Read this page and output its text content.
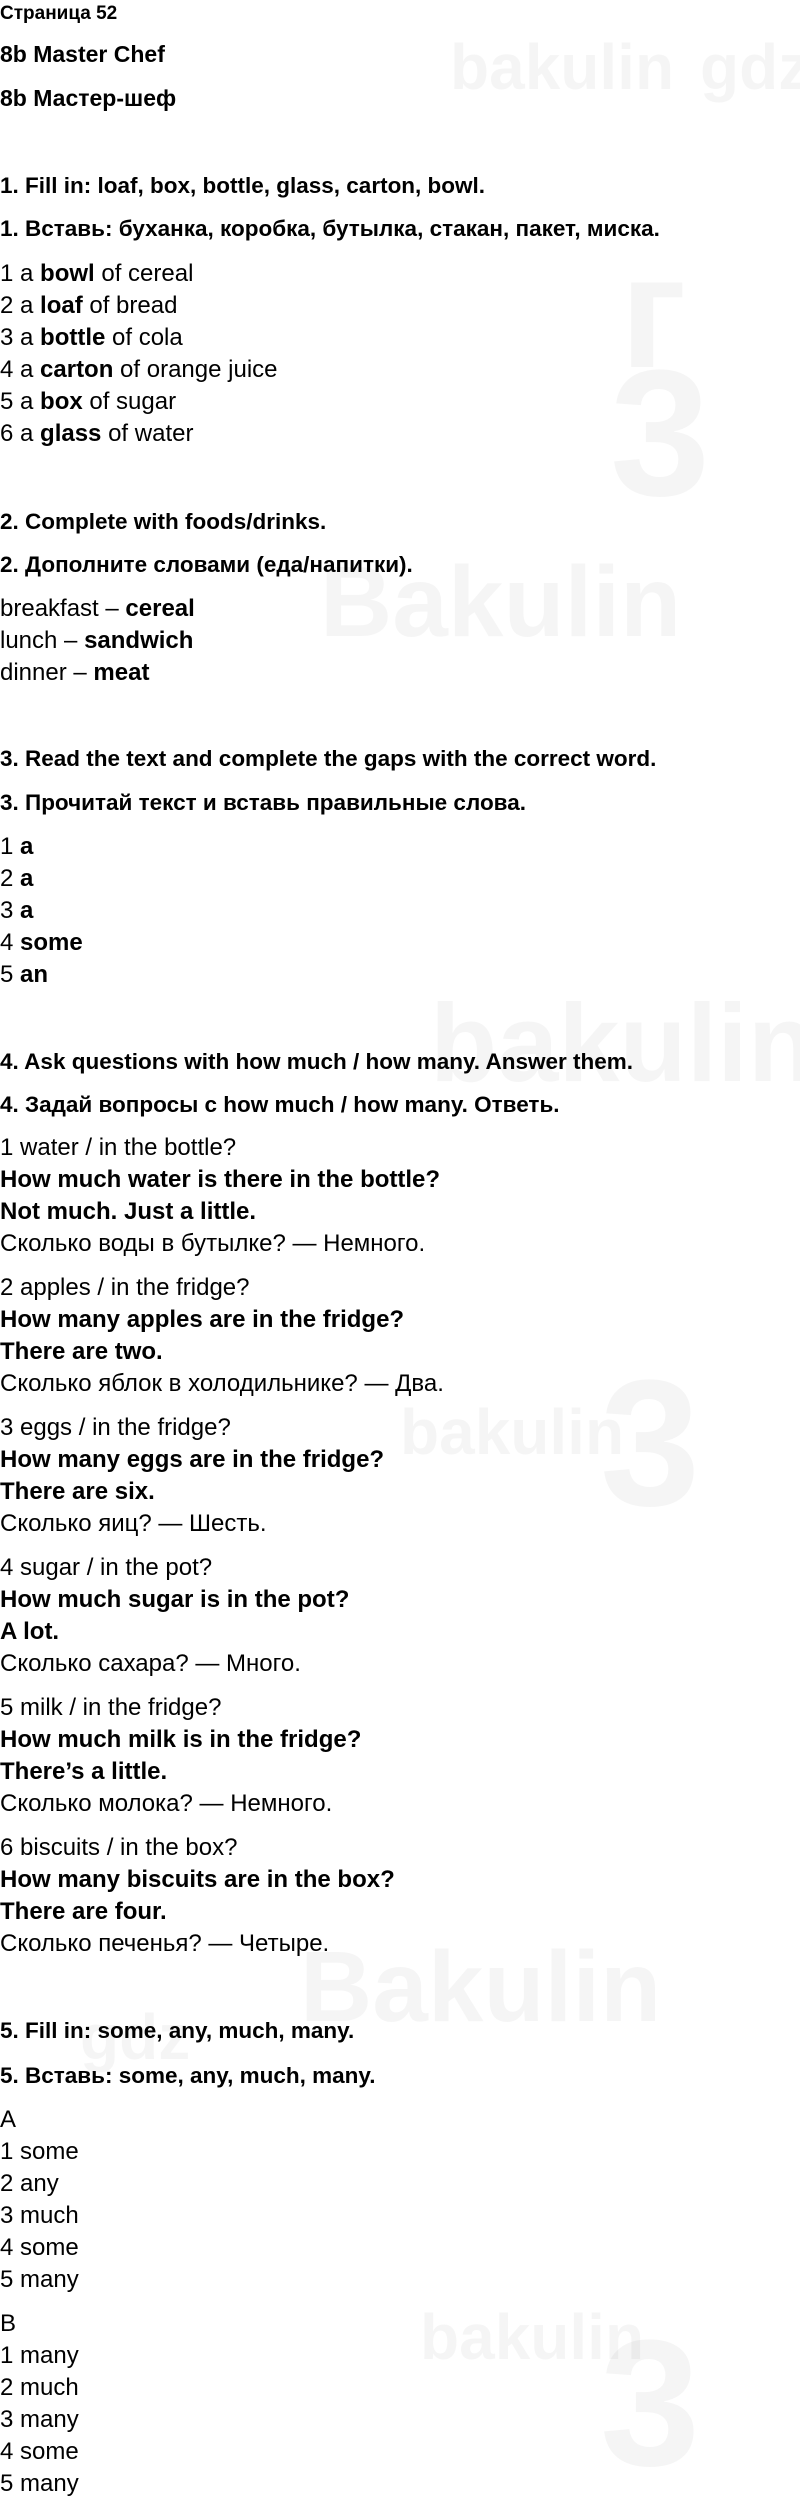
Страница 52
8b Master Chef
8b Мастер-шеф
1. Fill in: loaf, box, bottle, glass, carton, bowl.
1. Вставь: буханка, коробка, бутылка, стакан, пакет, миска.
1 a bowl of cereal
2 a loaf of bread
3 a bottle of cola
4 a carton of orange juice
5 a box of sugar
6 a glass of water
2. Complete with foods/drinks.
2. Дополните словами (еда/напитки).
breakfast – cereal
lunch – sandwich
dinner – meat
3. Read the text and complete the gaps with the correct word.
3. Прочитай текст и вставь правильные слова.
1 a
2 a
3 a
4 some
5 an
4. Ask questions with how much / how many. Answer them.
4. Задай вопросы с how much / how many. Ответь.
1 water / in the bottle?
How much water is there in the bottle?
Not much. Just a little.
Сколько воды в бутылке? — Немного.
2 apples / in the fridge?
How many apples are in the fridge?
There are two.
Сколько яблок в холодильнике? — Два.
3 eggs / in the fridge?
How many eggs are in the fridge?
There are six.
Сколько яиц? — Шесть.
4 sugar / in the pot?
How much sugar is in the pot?
A lot.
Сколько сахара? — Много.
5 milk / in the fridge?
How much milk is in the fridge?
There’s a little.
Сколько молока? — Немного.
6 biscuits / in the box?
How many biscuits are in the box?
There are four.
Сколько печенья? — Четыре.
5. Fill in: some, any, much, many.
5. Вставь: some, any, much, many.
A
1 some
2 any
3 much
4 some
5 many
B
1 many
2 much
3 many
4 some
5 many
